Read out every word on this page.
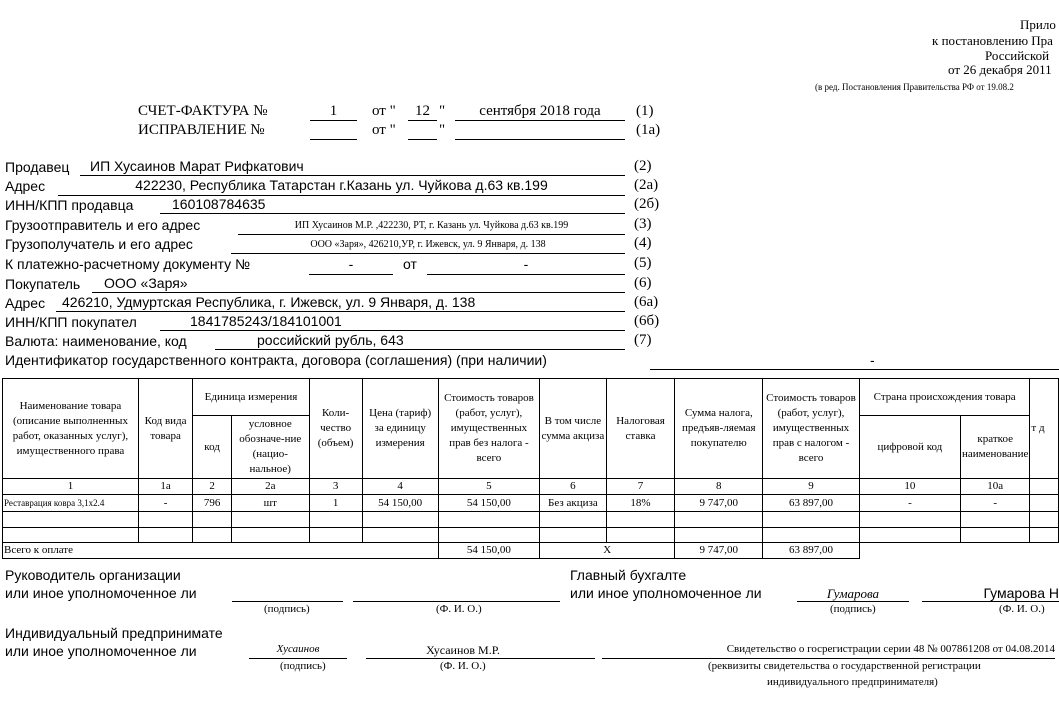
Прило
к постановлению Пра
Российской
от 26 декабря 2011
(в ред. Постановления Правительства РФ от 19.08.2
СЧЕТ-ФАКТУРА №	1	от "	12 "	сентября 2018 года	(1)
ИСПРАВЛЕНИЕ №	от "	"	(1а)
Продавец	ИП Хусаинов Марат Рифкатович	(2)
Адрес	422230, Республика Татарстан г.Казань ул. Чуйкова д.63 кв.199	(2а)
ИНН/КПП продавца	160108784635	(2б)
Грузоотправитель и его адрес	ИП Хусаинов М.Р. ,422230, РТ, г. Казань ул. Чуйкова д.63 кв.199	(3)
Грузополучатель и его адрес	ООО «Заря», 426210,УР, г. Ижевск, ул. 9 Января, д. 138	(4)
К платежно-расчетному документу №	-	от	-	(5)
Покупатель	ООО «Заря»	(6)
Адрес	426210, Удмуртская Республика, г. Ижевск, ул. 9 Января, д. 138	(6а)
ИНН/КПП покупател	1841785243/184101001	(6б)
Валюта: наименование, код	российский рубль, 643	(7)
Идентификатор государственного контракта, договора (соглашения) (при наличии)	-
Наименование товара (описание выполненных работ, оказанных услуг), имущественного права	Код вида товара	Единица измерения		Коли-чество (объем)	Цена (тариф) за единицу измерения	Стоимость товаров (работ, услуг), имущественных прав без налога - всего	В том числе сумма акциза	Налоговая ставка	Сумма налога, предъяв-ляемая покупателю	Стоимость товаров (работ, услуг), имущественных прав с налогом - всего	Страна происхождения товара		т д
		код	условное обозначе-ние (нацио-нальное)								цифровой код	краткое наименование	
1	1а	2	2а	3	4	5	6	7	8	9	10	10а	
Реставрация ковра 3,1х2.4	-	796	шт	1	54 150,00	54 150,00	Без акциза	18%	9 747,00	63 897,00	-	-	

Всего к оплате						54 150,00	Х		9 747,00	63 897,00			
Руководитель организации
или иное уполномоченное ли
(подпись)	(Ф. И. О.)
Главный бухгалте
или иное уполномоченное ли	Гумарова	Гумарова Н
(подпись)	(Ф. И. О.)
Индивидуальный предпринимате
или иное уполномоченное ли	Хусаинов	Хусаинов М.Р.
(подпись)	(Ф. И. О.)
Свидетельство о госрегистрации серии 48 № 007861208 от 04.08.2014
(реквизиты свидетельства о государственной регистрации
индивидуального предпринимателя)
